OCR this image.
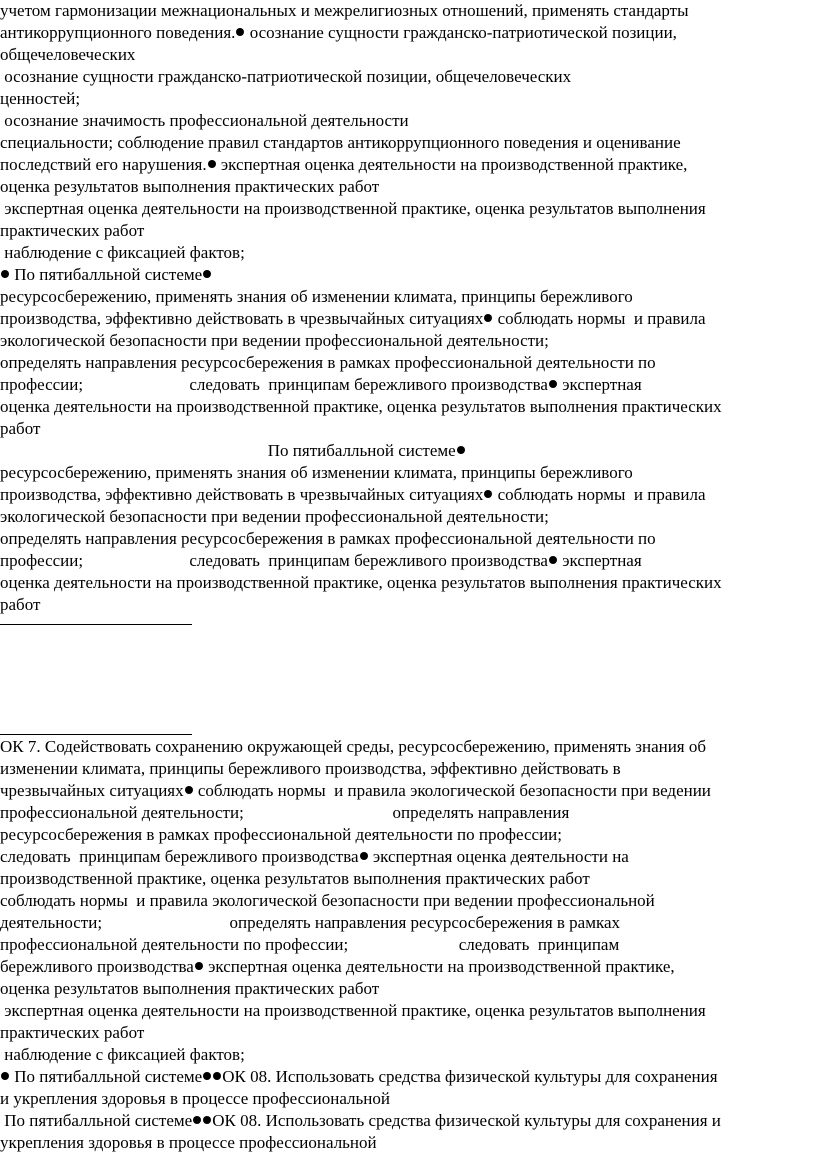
учетом гармонизации межнациональных и межрелигиозных отношений, применять стандарты
антикоррупционного поведения. осознание сущности гражданско-патриотической позиции,
общечеловеческих
осознание сущности гражданско-патриотической позиции, общечеловеческих
ценностей;
осознание значимость профессиональной деятельности
специальности; соблюдение правил стандартов антикоррупционного поведения и оценивание
последствий его нарушения. экспертная оценка деятельности на производственной практике,
оценка результатов выполнения практических работ
экспертная оценка деятельности на производственной практике, оценка результатов выполнения
практических работ
наблюдение с фиксацией фактов;
По пятибалльной системе
ресурсосбережению, применять знания об изменении климата, принципы бережливого
производства, эффективно действовать в чрезвычайных ситуациях соблюдать нормы  и правила
экологической безопасности при ведении профессиональной деятельности;
определять направления ресурсосбережения в рамках профессиональной деятельности по
профессии;                         следовать  принципам бережливого производства экспертная
оценка деятельности на производственной практике, оценка результатов выполнения практических
работ
По пятибалльной системе
ресурсосбережению, применять знания об изменении климата, принципы бережливого
производства, эффективно действовать в чрезвычайных ситуациях соблюдать нормы  и правила
экологической безопасности при ведении профессиональной деятельности;
определять направления ресурсосбережения в рамках профессиональной деятельности по
профессии;                         следовать  принципам бережливого производства экспертная
оценка деятельности на производственной практике, оценка результатов выполнения практических
работ
ОК 7. Содействовать сохранению окружающей среды, ресурсосбережению, применять знания об
изменении климата, принципы бережливого производства, эффективно действовать в
чрезвычайных ситуациях соблюдать нормы  и правила экологической безопасности при ведении
профессиональной деятельности;                                   определять направления
ресурсосбережения в рамках профессиональной деятельности по профессии;
следовать  принципам бережливого производства экспертная оценка деятельности на
производственной практике, оценка результатов выполнения практических работ
соблюдать нормы  и правила экологической безопасности при ведении профессиональной
деятельности;                              определять направления ресурсосбережения в рамках
профессиональной деятельности по профессии;                          следовать  принципам
бережливого производства экспертная оценка деятельности на производственной практике,
оценка результатов выполнения практических работ
экспертная оценка деятельности на производственной практике, оценка результатов выполнения
практических работ
наблюдение с фиксацией фактов;
По пятибалльной системе ОК 08. Использовать средства физической культуры для сохранения
и укрепления здоровья в процессе профессиональной
По пятибалльной системе ОК 08. Использовать средства физической культуры для сохранения и
укрепления здоровья в процессе профессиональной
